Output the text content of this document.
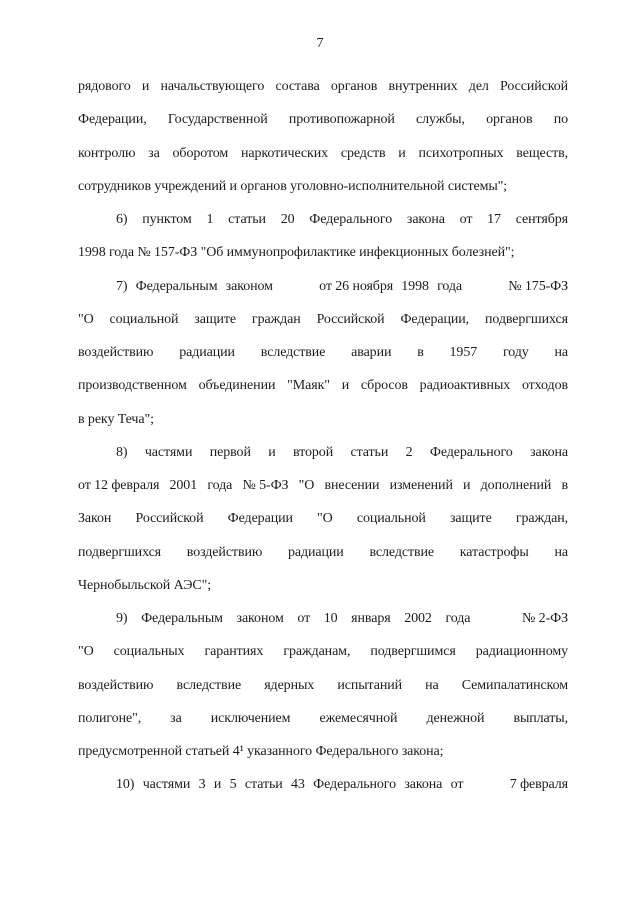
7
рядового и начальствующего состава органов внутренних дел Российской
Федерации, Государственной противопожарной службы, органов по
контролю за оборотом наркотических средств и психотропных веществ,
сотрудников учреждений и органов уголовно-исполнительной системы";
6) пунктом 1 статьи 20 Федерального закона от 17 сентября
1998 года № 157-ФЗ "Об иммунопрофилактике инфекционных болезней";
7) Федеральным законом	от 26 ноября 1998 года	№ 175-ФЗ
"О социальной защите граждан Российской Федерации, подвергшихся
воздействию радиации вследствие аварии в 1957 году на
производственном объединении "Маяк" и сбросов радиоактивных отходов
в реку Теча";
8) частями первой и второй статьи 2 Федерального закона
от 12 февраля 2001 года № 5-ФЗ "О внесении изменений и дополнений в
Закон Российской Федерации "О социальной защите граждан,
подвергшихся воздействию радиации вследствие катастрофы на
Чернобыльской АЭС";
9) Федеральным законом от 10 января 2002 года	№ 2-ФЗ
"О социальных гарантиях гражданам, подвергшимся радиационному
воздействию вследствие ядерных испытаний на Семипалатинском
полигоне", за исключением ежемесячной денежной выплаты,
предусмотренной статьей 4¹ указанного Федерального закона;
10) частями 3 и 5 статьи 43 Федерального закона от	7 февраля
